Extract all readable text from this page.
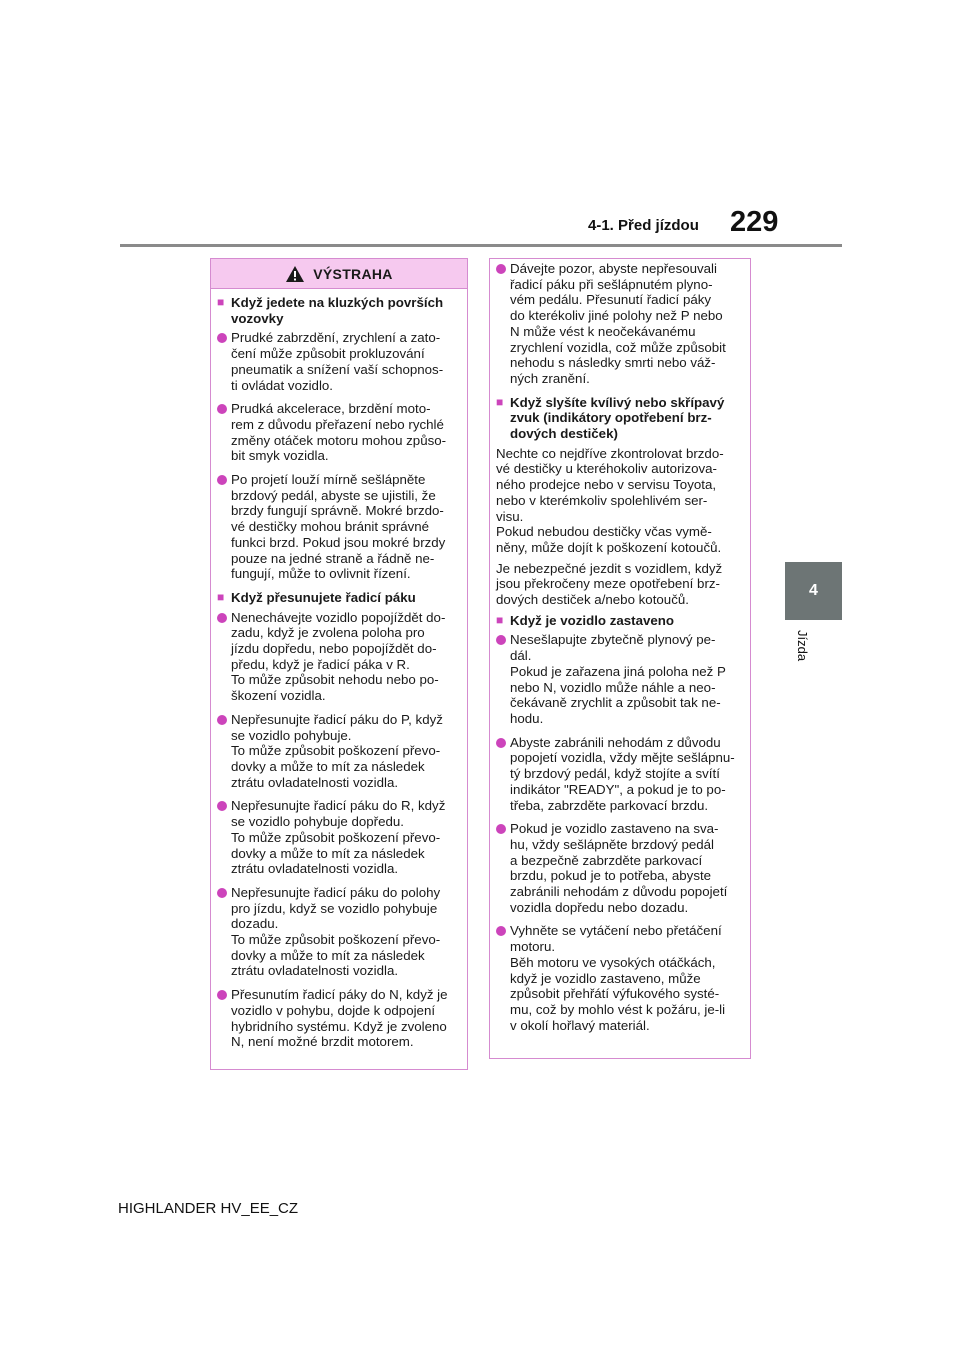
4-1. Před jízdou 229
4
Jízda
VÝSTRAHA
■ Když jedete na kluzkých površích vozovky
Prudké zabrzdění, zrychlení a zato-
čení může způsobit prokluzování
pneumatik a snížení vaší schopnos-
ti ovládat vozidlo.
Prudká akcelerace, brzdění moto-
rem z důvodu přeřazení nebo rychlé
změny otáček motoru mohou způso-
bit smyk vozidla.
Po projetí louží mírně sešlápněte
brzdový pedál, abyste se ujistili, že
brzdy fungují správně. Mokré brzdo-
vé destičky mohou bránit správné
funkci brzd. Pokud jsou mokré brzdy
pouze na jedné straně a řádně ne-
fungují, může to ovlivnit řízení.
■ Když přesunujete řadicí páku
Nenechávejte vozidlo popojíždět do-
zadu, když je zvolena poloha pro
jízdu dopředu, nebo popojíždět do-
předu, když je řadicí páka v R.
To může způsobit nehodu nebo po-
škození vozidla.
Nepřesunujte řadicí páku do P, když
se vozidlo pohybuje.
To může způsobit poškození převo-
dovky a může to mít za následek
ztrátu ovladatelnosti vozidla.
Nepřesunujte řadicí páku do R, když
se vozidlo pohybuje dopředu.
To může způsobit poškození převo-
dovky a může to mít za následek
ztrátu ovladatelnosti vozidla.
Nepřesunujte řadicí páku do polohy
pro jízdu, když se vozidlo pohybuje
dozadu.
To může způsobit poškození převo-
dovky a může to mít za následek
ztrátu ovladatelnosti vozidla.
Přesunutím řadicí páky do N, když je
vozidlo v pohybu, dojde k odpojení
hybridního systému. Když je zvoleno
N, není možné brzdit motorem.
Dávejte pozor, abyste nepřesouvali
řadicí páku při sešlápnutém plyno-
vém pedálu. Přesunutí řadicí páky
do kterékoliv jiné polohy než P nebo
N může vést k neočekávanému
zrychlení vozidla, což může způsobit
nehodu s následky smrti nebo váž-
ných zranění.
■ Když slyšíte kvílivý nebo skřípavý zvuk (indikátory opotřebení brz-dových destiček)
Nechte co nejdříve zkontrolovat brzdo-
vé destičky u kteréhokoliv autorizova-
ného prodejce nebo v servisu Toyota,
nebo v kterémkoliv spolehlivém ser-
visu.
Pokud nebudou destičky včas vymě-
něny, může dojít k poškození kotoučů.
Je nebezpečné jezdit s vozidlem, když
jsou překročeny meze opotřebení brz-
dových destiček a/nebo kotoučů.
■ Když je vozidlo zastaveno
Nesešlapujte zbytečně plynový pe-
dál.
Pokud je zařazena jiná poloha než P
nebo N, vozidlo může náhle a neo-
čekávaně zrychlit a způsobit tak ne-
hodu.
Abyste zabránili nehodám z důvodu
popojetí vozidla, vždy mějte sešlápnu-
tý brzdový pedál, když stojíte a svítí
indikátor "READY", a pokud je to po-
třeba, zabrzděte parkovací brzdu.
Pokud je vozidlo zastaveno na sva-
hu, vždy sešlápněte brzdový pedál
a bezpečně zabrzděte parkovací
brzdu, pokud je to potřeba, abyste
zabránili nehodám z důvodu popojetí
vozidla dopředu nebo dozadu.
Vyhněte se vytáčení nebo přetáčení
motoru.
Běh motoru ve vysokých otáčkách,
když je vozidlo zastaveno, může
způsobit přehřátí výfukového systé-
mu, což by mohlo vést k požáru, je-li
v okolí hořlavý materiál.
HIGHLANDER HV_EE_CZ
